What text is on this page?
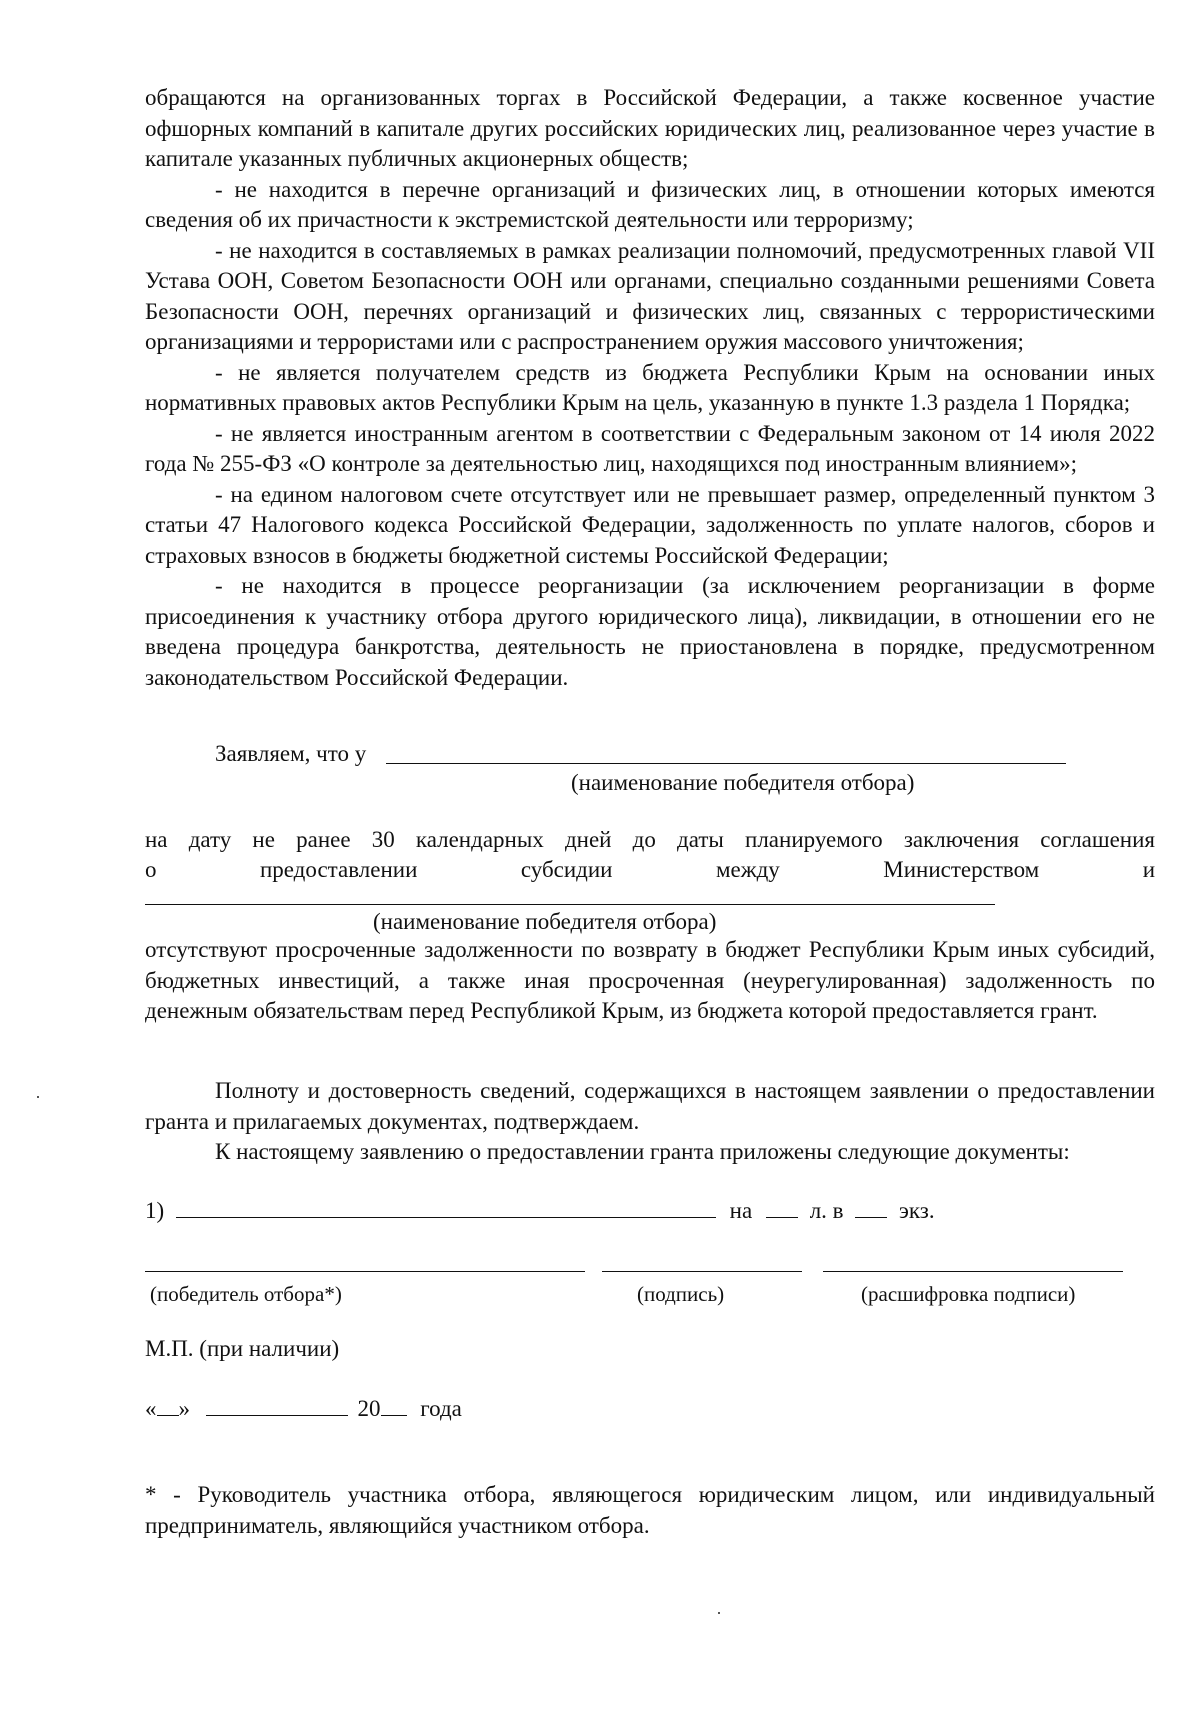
обращаются на организованных торгах в Российской Федерации, а также косвенное участие офшорных компаний в капитале других российских юридических лиц, реализованное через участие в капитале указанных публичных акционерных обществ;

- не находится в перечне организаций и физических лиц, в отношении которых имеются сведения об их причастности к экстремистской деятельности или терроризму;

- не находится в составляемых в рамках реализации полномочий, предусмотренных главой VII Устава ООН, Советом Безопасности ООН или органами, специально созданными решениями Совета Безопасности ООН, перечнях организаций и физических лиц, связанных с террористическими организациями и террористами или с распространением оружия массового уничтожения;

- не является получателем средств из бюджета Республики Крым на основании иных нормативных правовых актов Республики Крым на цель, указанную в пункте 1.3 раздела 1 Порядка;

- не является иностранным агентом в соответствии с Федеральным законом от 14 июля 2022 года № 255-ФЗ «О контроле за деятельностью лиц, находящихся под иностранным влиянием»;

- на едином налоговом счете отсутствует или не превышает размер, определенный пунктом 3 статьи 47 Налогового кодекса Российской Федерации, задолженность по уплате налогов, сборов и страховых взносов в бюджеты бюджетной системы Российской Федерации;

- не находится в процессе реорганизации (за исключением реорганизации в форме присоединения к участнику отбора другого юридического лица), ликвидации, в отношении его не введена процедура банкротства, деятельность не приостановлена в порядке, предусмотренном законодательством Российской Федерации.

Заявляем, что у
(наименование победителя отбора)

на дату не ранее 30 календарных дней до даты планируемого заключения соглашения

о	предоставлении	субсидии	между	Министерством	и
(наименование победителя отбора)

отсутствуют просроченные задолженности по возврату в бюджет Республики Крым иных субсидий, бюджетных инвестиций, а также иная просроченная (неурегулированная) задолженность по денежным обязательствам перед Республикой Крым, из бюджета которой предоставляется грант.

Полноту и достоверность сведений, содержащихся в настоящем заявлении о предоставлении гранта и прилагаемых документах, подтверждаем.

К настоящему заявлению о предоставлении гранта приложены следующие документы:

1)	на	л. в экз.
(победитель отбора*)	(подпись)	(расшифровка подписи)
М.П. (при наличии)
« »	20 года

* - Руководитель участника отбора, являющегося юридическим лицом, или индивидуальный предприниматель, являющийся участником отбора.
